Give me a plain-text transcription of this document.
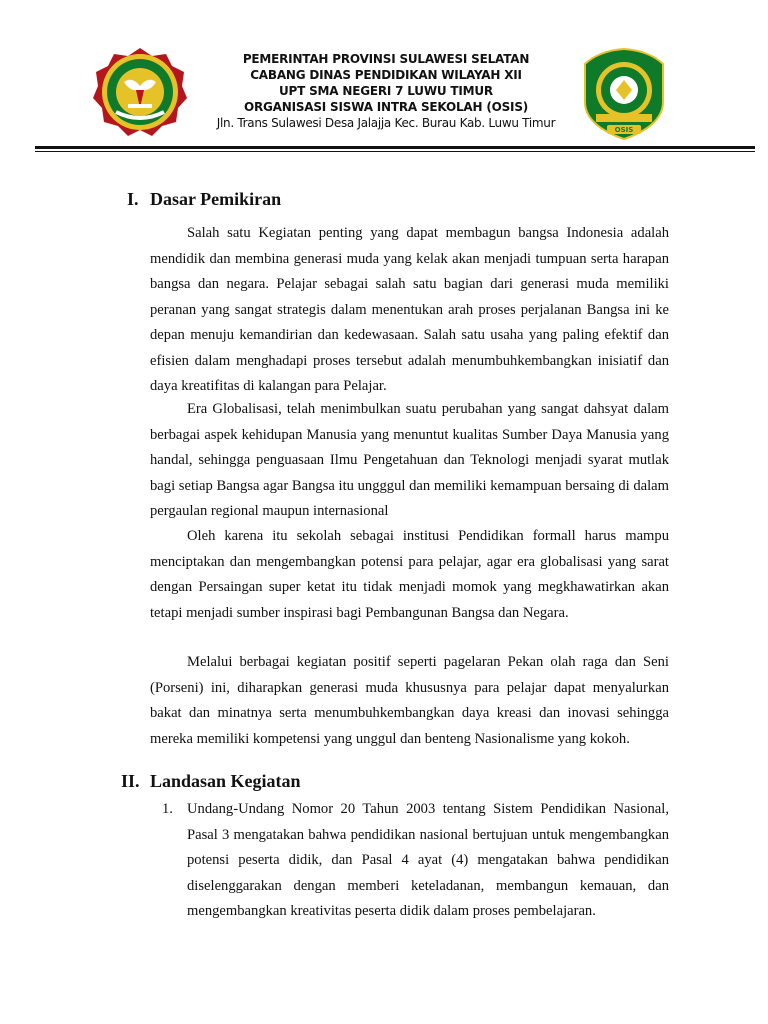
PEMERINTAH PROVINSI SULAWESI SELATAN
CABANG DINAS PENDIDIKAN WILAYAH XII
UPT SMA NEGERI 7 LUWU TIMUR
ORGANISASI SISWA INTRA SEKOLAH (OSIS)
Jln. Trans Sulawesi Desa Jalajja Kec. Burau Kab. Luwu Timur	OSIS
I. Dasar Pemikiran

Salah satu Kegiatan penting yang dapat membagun bangsa Indonesia adalah mendidik dan membina generasi muda yang kelak akan menjadi tumpuan serta harapan bangsa dan negara. Pelajar sebagai salah satu bagian dari generasi muda memiliki peranan yang sangat strategis dalam menentukan arah proses perjalanan Bangsa ini ke depan menuju kemandirian dan kedewasaan. Salah satu usaha yang paling efektif dan efisien dalam menghadapi proses tersebut adalah menumbuhkembangkan inisiatif dan daya kreatifitas di kalangan para Pelajar.

Era Globalisasi, telah menimbulkan suatu perubahan yang sangat dahsyat dalam berbagai aspek kehidupan Manusia yang menuntut kualitas Sumber Daya Manusia yang handal, sehingga penguasaan Ilmu Pengetahuan dan Teknologi menjadi syarat mutlak bagi setiap Bangsa agar Bangsa itu ungggul dan memiliki kemampuan bersaing di dalam pergaulan regional maupun internasional

Oleh karena itu sekolah sebagai institusi Pendidikan formall harus mampu menciptakan dan mengembangkan potensi para pelajar, agar era globalisasi yang sarat dengan Persaingan super ketat itu tidak menjadi momok yang megkhawatirkan akan tetapi menjadi sumber inspirasi bagi Pembangunan Bangsa dan Negara.

Melalui berbagai kegiatan positif seperti pagelaran Pekan olah raga dan Seni (Porseni) ini, diharapkan generasi muda khususnya para pelajar dapat menyalurkan bakat dan minatnya serta menumbuhkembangkan daya kreasi dan inovasi sehingga mereka memiliki kompetensi yang unggul dan benteng Nasionalisme yang kokoh.

II. Landasan Kegiatan
1. Undang-Undang Nomor 20 Tahun 2003 tentang Sistem Pendidikan Nasional, Pasal 3 mengatakan bahwa pendidikan nasional bertujuan untuk mengembangkan potensi peserta didik, dan Pasal 4 ayat (4) mengatakan bahwa pendidikan diselenggarakan dengan memberi keteladanan, membangun kemauan, dan mengembangkan kreativitas peserta didik dalam proses pembelajaran.
